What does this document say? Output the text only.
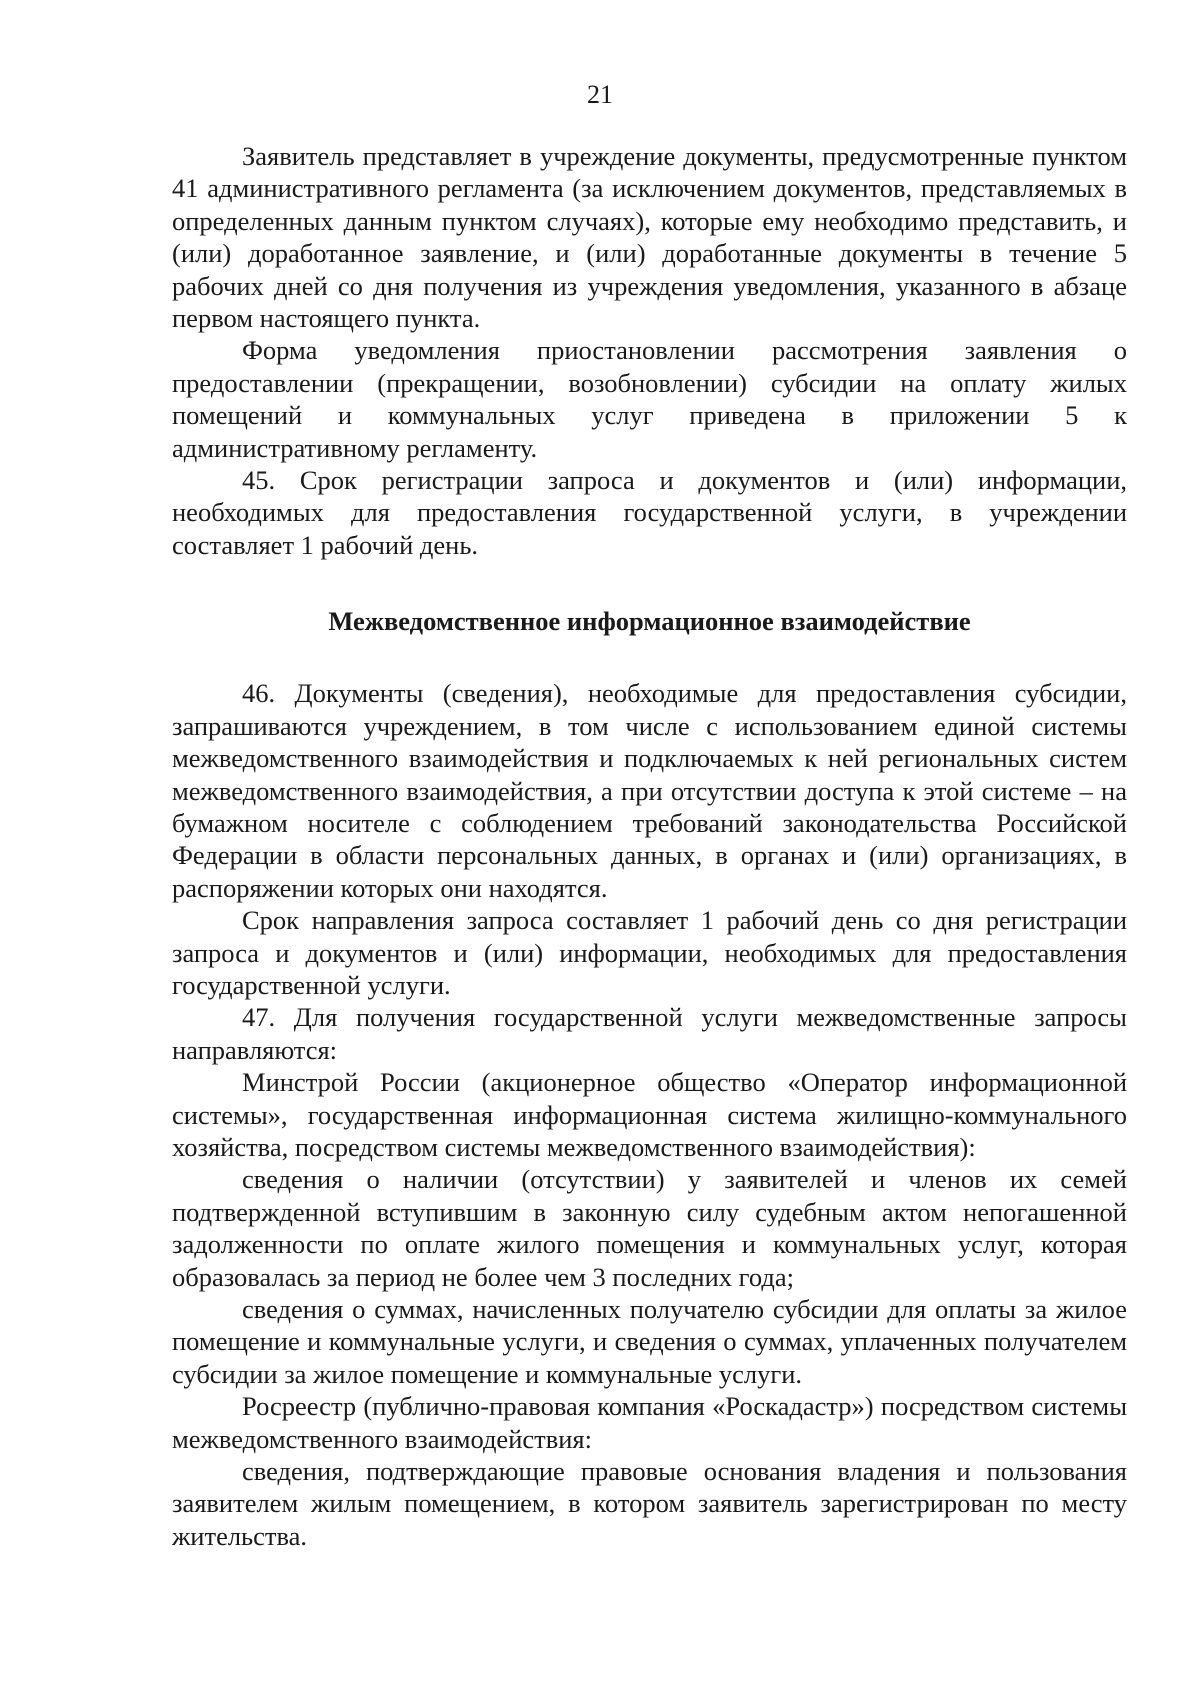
21

Заявитель представляет в учреждение документы, предусмотренные пунктом 41 административного регламента (за исключением документов, представляемых в определенных данным пунктом случаях), которые ему необходимо представить, и (или) доработанное заявление, и (или) доработанные документы в течение 5 рабочих дней со дня получения из учреждения уведомления, указанного в абзаце первом настоящего пункта.

Форма уведомления приостановлении рассмотрения заявления о предоставлении (прекращении, возобновлении) субсидии на оплату жилых помещений и коммунальных услуг приведена в приложении 5 к административному регламенту.

45. Срок регистрации запроса и документов и (или) информации, необходимых для предоставления государственной услуги, в учреждении составляет 1 рабочий день.

Межведомственное информационное взаимодействие

46. Документы (сведения), необходимые для предоставления субсидии, запрашиваются учреждением, в том числе с использованием единой системы межведомственного взаимодействия и подключаемых к ней региональных систем межведомственного взаимодействия, а при отсутствии доступа к этой системе – на бумажном носителе с соблюдением требований законодательства Российской Федерации в области персональных данных, в органах и (или) организациях, в распоряжении которых они находятся.

Срок направления запроса составляет 1 рабочий день со дня регистрации запроса и документов и (или) информации, необходимых для предоставления государственной услуги.

47. Для получения государственной услуги межведомственные запросы направляются:

Минстрой России (акционерное общество «Оператор информационной системы», государственная информационная система жилищно-коммунального хозяйства, посредством системы межведомственного взаимодействия):

сведения о наличии (отсутствии) у заявителей и членов их семей подтвержденной вступившим в законную силу судебным актом непогашенной задолженности по оплате жилого помещения и коммунальных услуг, которая образовалась за период не более чем 3 последних года;

сведения о суммах, начисленных получателю субсидии для оплаты за жилое помещение и коммунальные услуги, и сведения о суммах, уплаченных получателем субсидии за жилое помещение и коммунальные услуги.

Росреестр (публично-правовая компания «Роскадастр») посредством системы межведомственного взаимодействия:

сведения, подтверждающие правовые основания владения и пользования заявителем жилым помещением, в котором заявитель зарегистрирован по месту жительства.
